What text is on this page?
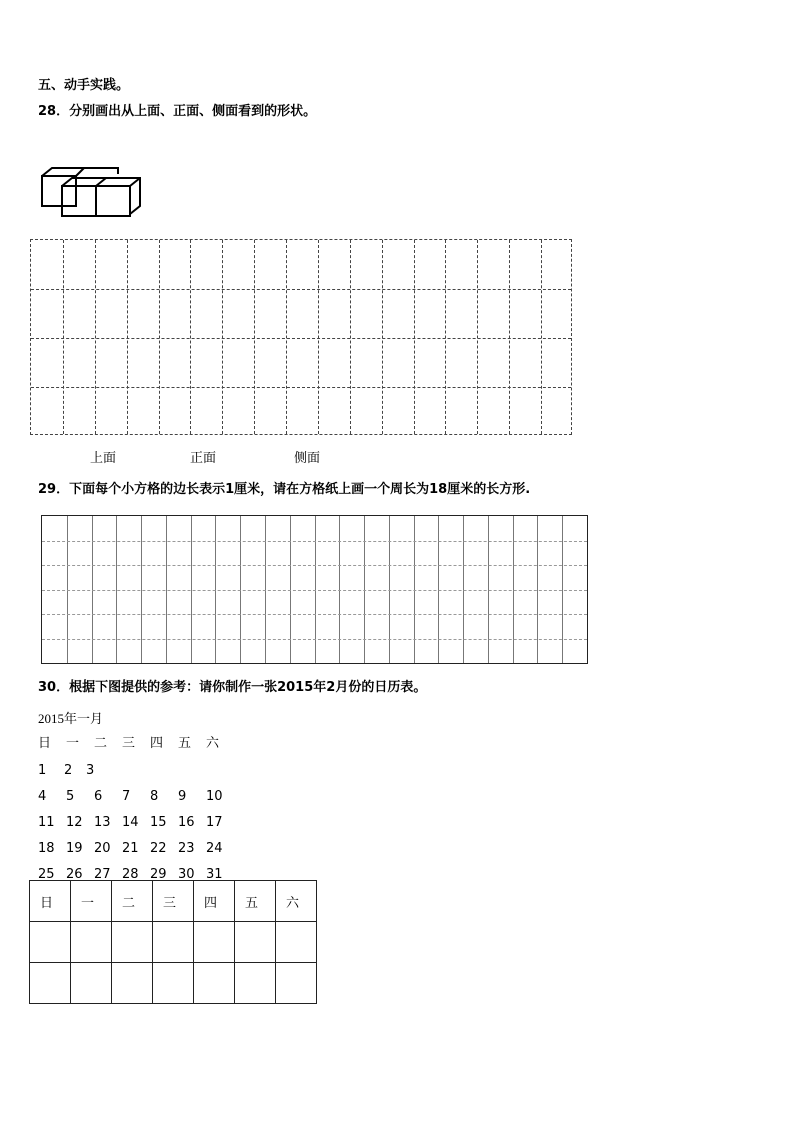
五、动手实践。
28．分别画出从上面、正面、侧面看到的形状。
上面	正面	侧面
29．下面每个小方格的边长表示1厘米，请在方格纸上画一个周长为18厘米的长方形.
30．根据下图提供的参考：请你制作一张2015年2月份的日历表。
2015年一月
日 一 二 三 四 五 六
1 2 3
4 5 6 7 8 9 10
11 12 13 14 15 16 17
18 19 20 21 22 23 24
25 26 27 28 29 30 31
日	一	二	三	四	五	六
